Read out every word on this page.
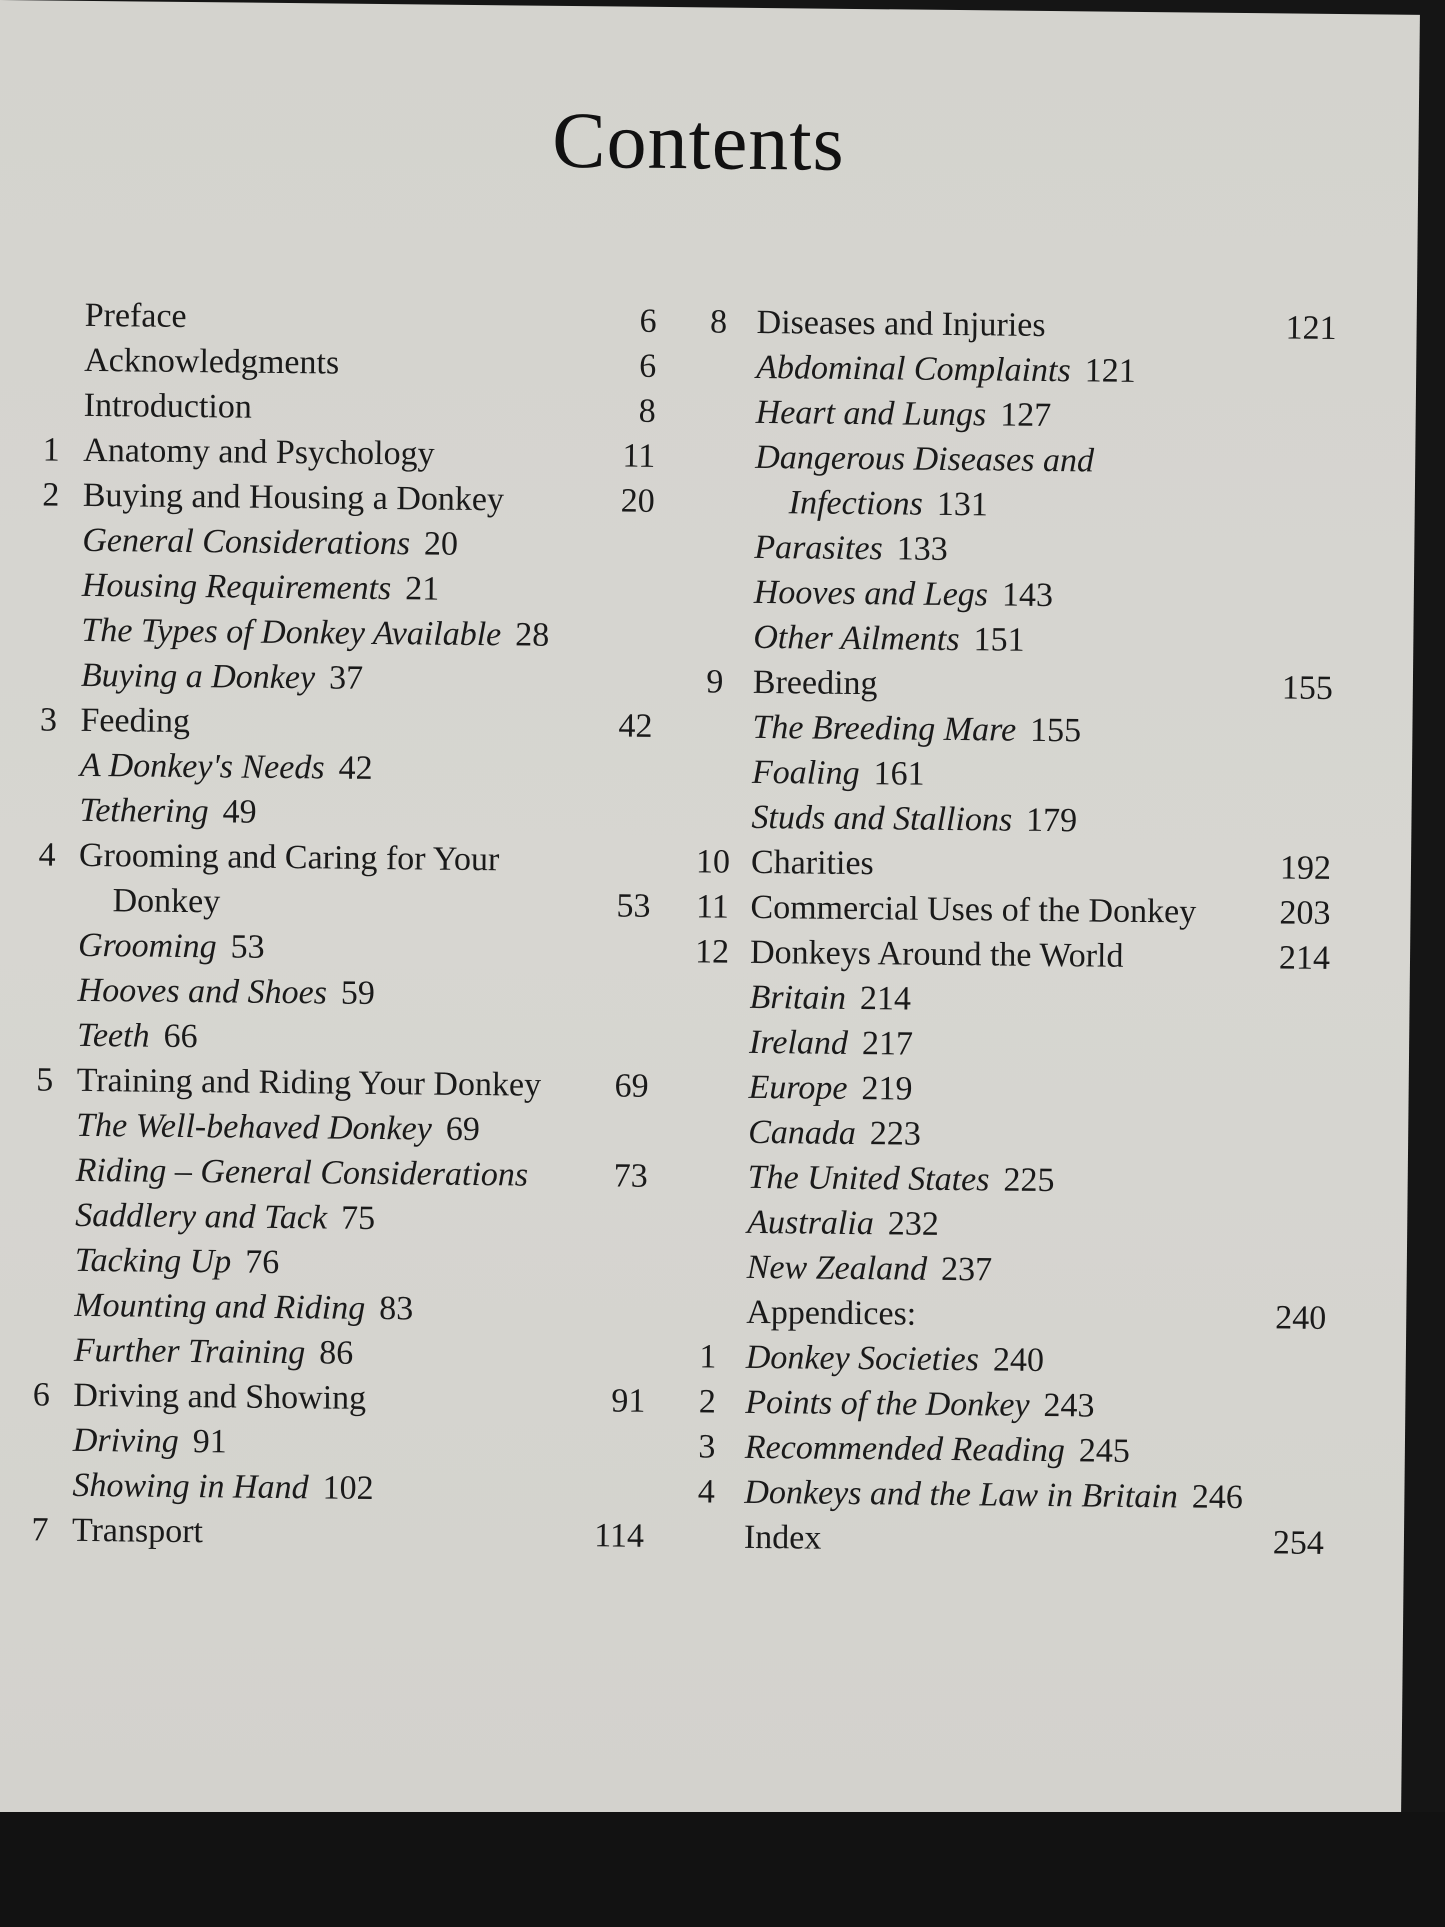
Contents
Preface	6
Acknowledgments	6
Introduction	8
1 Anatomy and Psychology	11
2 Buying and Housing a Donkey	20
General Considerations 20
Housing Requirements 21
The Types of Donkey Available 28
Buying a Donkey 37
3 Feeding	42
A Donkey's Needs 42
Tethering 49
4 Grooming and Caring for Your
Donkey	53
Grooming 53
Hooves and Shoes 59
Teeth 66
5 Training and Riding Your Donkey 69
The Well-behaved Donkey 69
Riding – General Considerations	73
Saddlery and Tack 75
Tacking Up 76
Mounting and Riding 83
Further Training 86
6 Driving and Showing	91
Driving 91
Showing in Hand 102
7 Transport	114
8 Diseases and Injuries	121
Abdominal Complaints 121
Heart and Lungs 127
Dangerous Diseases and
Infections 131
Parasites 133
Hooves and Legs 143
Other Ailments 151
9 Breeding	155
The Breeding Mare 155
Foaling 161
Studs and Stallions 179
10 Charities	192
11 Commercial Uses of the Donkey 203
12 Donkeys Around the World	214
Britain 214
Ireland 217
Europe 219
Canada 223
The United States 225
Australia 232
New Zealand 237
Appendices:	240
1 Donkey Societies 240
2 Points of the Donkey 243
3 Recommended Reading 245
4 Donkeys and the Law in Britain 246
Index	254
